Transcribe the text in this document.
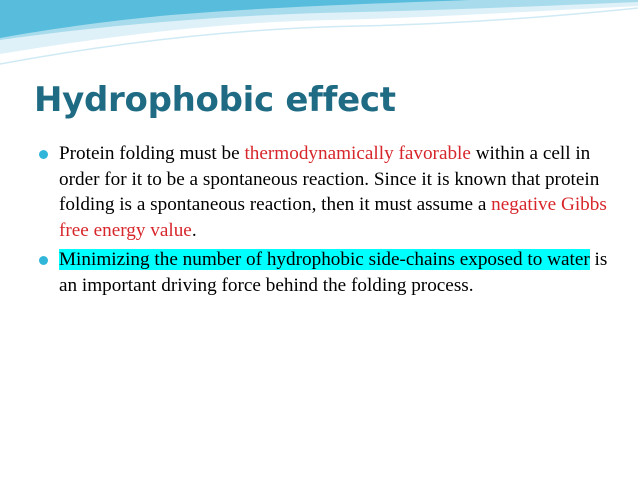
Hydrophobic effect
Protein folding must be thermodynamically favorable within a cell in order for it to be a spontaneous reaction. Since it is known that protein folding is a spontaneous reaction, then it must assume a negative Gibbs free energy value.
Minimizing the number of hydrophobic side-chains exposed to water is an important driving force behind the folding process.
